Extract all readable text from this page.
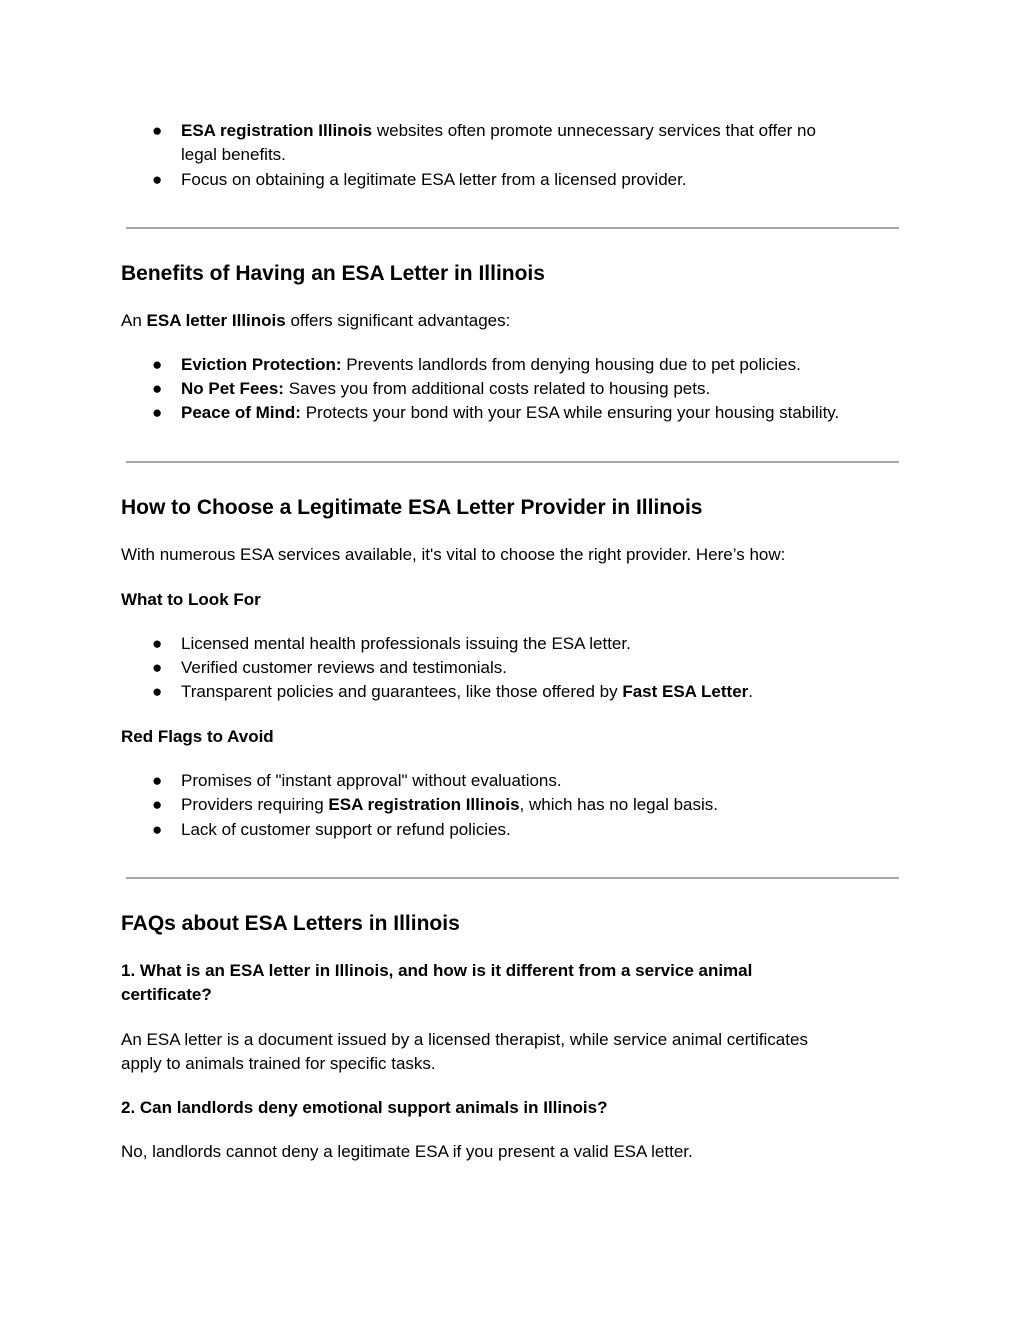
● ESA registration Illinois websites often promote unnecessary services that offer no
legal benefits.
● Focus on obtaining a legitimate ESA letter from a licensed provider.
Benefits of Having an ESA Letter in Illinois
An ESA letter Illinois offers significant advantages:
● Eviction Protection: Prevents landlords from denying housing due to pet policies.
● No Pet Fees: Saves you from additional costs related to housing pets.
● Peace of Mind: Protects your bond with your ESA while ensuring your housing stability.
How to Choose a Legitimate ESA Letter Provider in Illinois
With numerous ESA services available, it's vital to choose the right provider. Here’s how:
What to Look For
● Licensed mental health professionals issuing the ESA letter.
● Verified customer reviews and testimonials.
● Transparent policies and guarantees, like those offered by Fast ESA Letter.
Red Flags to Avoid
● Promises of "instant approval" without evaluations.
● Providers requiring ESA registration Illinois, which has no legal basis.
● Lack of customer support or refund policies.
FAQs about ESA Letters in Illinois
1. What is an ESA letter in Illinois, and how is it different from a service animal
certificate?
An ESA letter is a document issued by a licensed therapist, while service animal certificates
apply to animals trained for specific tasks.
2. Can landlords deny emotional support animals in Illinois?
No, landlords cannot deny a legitimate ESA if you present a valid ESA letter.
